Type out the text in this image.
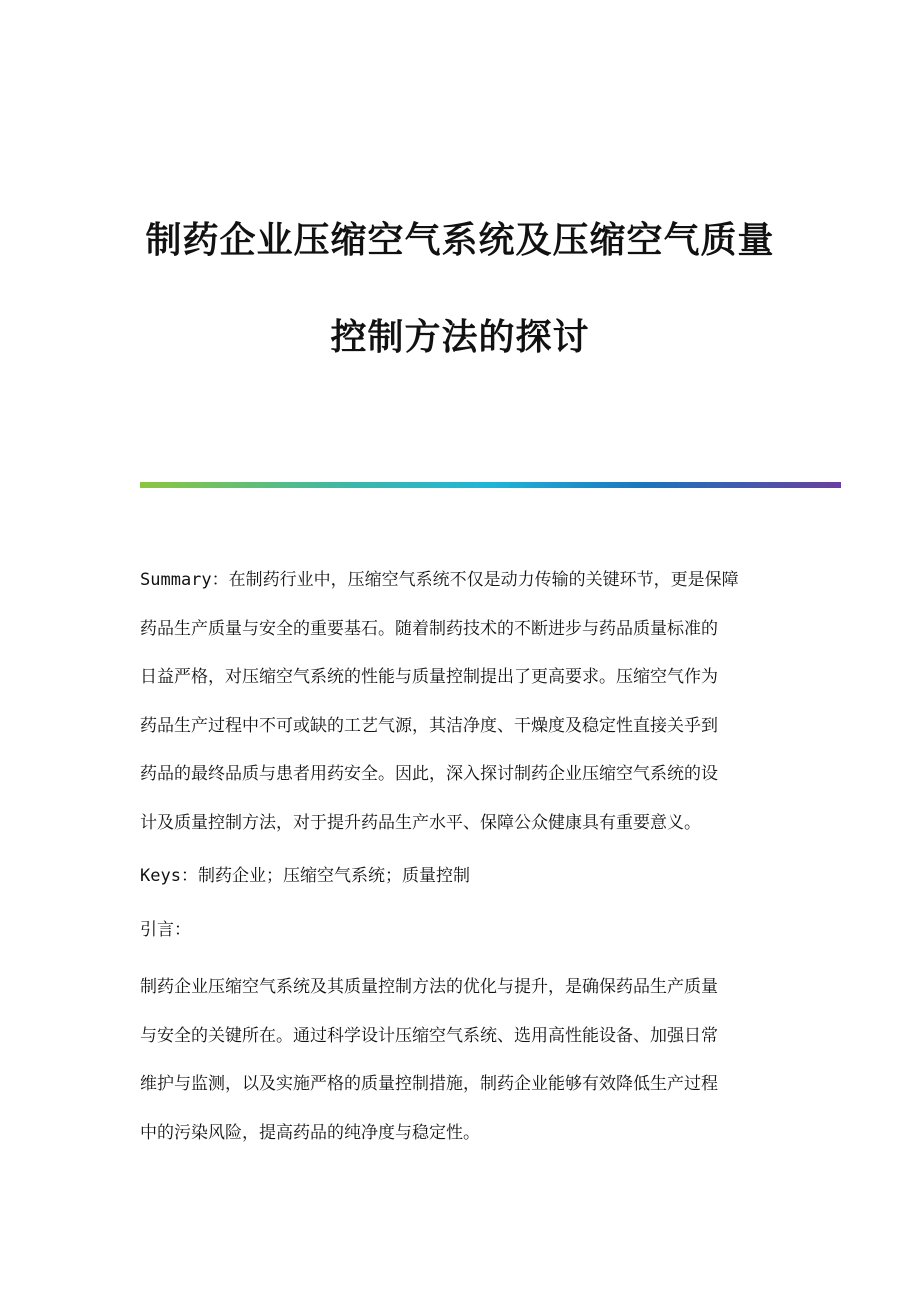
制药企业压缩空气系统及压缩空气质量
控制方法的探讨
Summary：在制药行业中，压缩空气系统不仅是动力传输的关键环节，更是保障
药品生产质量与安全的重要基石。随着制药技术的不断进步与药品质量标准的
日益严格，对压缩空气系统的性能与质量控制提出了更高要求。压缩空气作为
药品生产过程中不可或缺的工艺气源，其洁净度、干燥度及稳定性直接关乎到
药品的最终品质与患者用药安全。因此，深入探讨制药企业压缩空气系统的设
计及质量控制方法，对于提升药品生产水平、保障公众健康具有重要意义。
Keys：制药企业；压缩空气系统；质量控制
引言：
制药企业压缩空气系统及其质量控制方法的优化与提升，是确保药品生产质量
与安全的关键所在。通过科学设计压缩空气系统、选用高性能设备、加强日常
维护与监测，以及实施严格的质量控制措施，制药企业能够有效降低生产过程
中的污染风险，提高药品的纯净度与稳定性。
